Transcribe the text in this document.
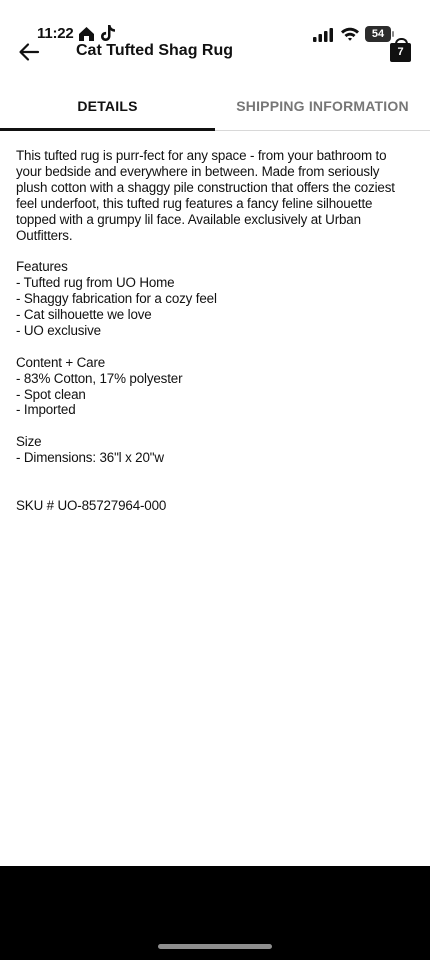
11:22	54
Cat Tufted Shag Rug	7
DETAILS	SHIPPING INFORMATION
This tufted rug is purr-fect for any space - from your bathroom to
your bedside and everywhere in between. Made from seriously
plush cotton with a shaggy pile construction that offers the coziest
feel underfoot, this tufted rug features a fancy feline silhouette
topped with a grumpy lil face. Available exclusively at Urban
Outfitters.
Features
- Tufted rug from UO Home
- Shaggy fabrication for a cozy feel
- Cat silhouette we love
- UO exclusive
Content + Care
- 83% Cotton, 17% polyester
- Spot clean
- Imported
Size
- Dimensions: 36"l x 20"w
SKU # UO-85727964-000
